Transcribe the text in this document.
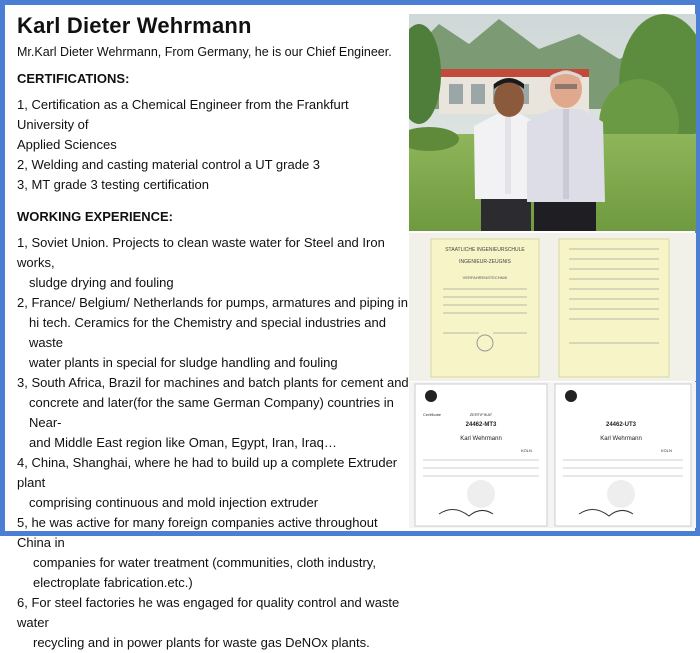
Karl Dieter Wehrmann
Mr.Karl Dieter Wehrmann, From Germany, he is our Chief Engineer.
CERTIFICATIONS:
1, Certification as a Chemical Engineer from the Frankfurt University of
Applied Sciences
2, Welding and casting material control a UT grade 3
3, MT grade 3 testing certification
WORKING EXPERIENCE:
1, Soviet Union. Projects to clean waste water for Steel and Iron works,
sludge drying and fouling
2, France/ Belgium/ Netherlands for pumps, armatures and piping in
hi tech. Ceramics for the Chemistry and special industries and waste
water plants in special for sludge handling and fouling
3, South Africa, Brazil for machines and batch plants for cement and
concrete and later(for the same German Company) countries in Near-
and Middle East region like Oman, Egypt, Iran, Iraq…
4, China, Shanghai, where he had to build up a complete Extruder plant
comprising continuous and mold injection extruder
5, he was active for many foreign companies active throughout China in
companies for water treatment (communities, cloth industry,
electroplate fabrication.etc.)
6, For steel factories he was engaged for quality control and waste water
recycling and in power plants for waste gas DeNOx plants.
STAATLICHE INGENIEURSCHULE
INGENIEUR-ZEUGNIS
VERFAHRENSTECHNIK
Certificate	ZERTIFIKAT
24462-MT3	24462-UT3
Karl Wehrmann	Karl Wehrmann
KÖLN	KÖLN
